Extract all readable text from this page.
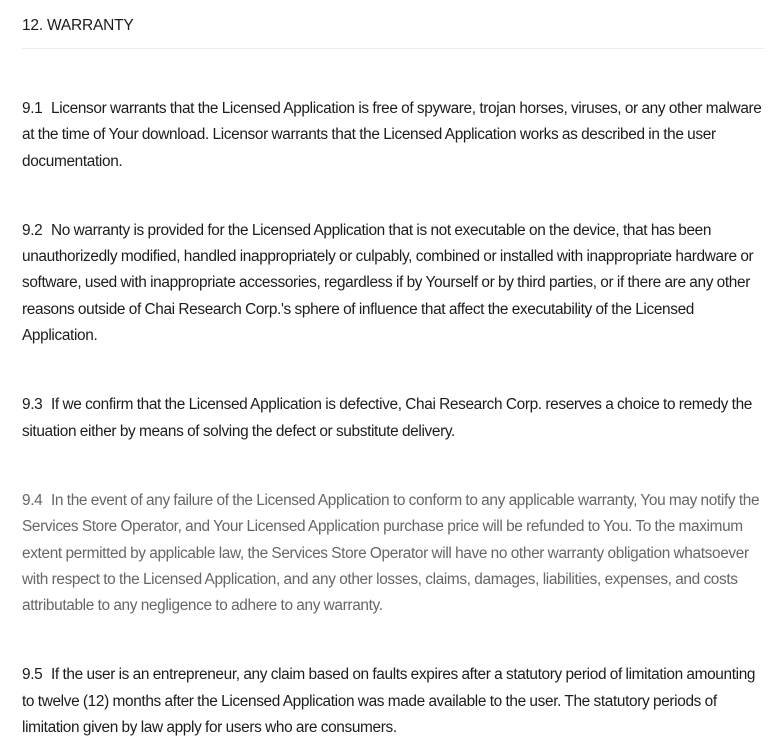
12. WARRANTY

9.1 Licensor warrants that the Licensed Application is free of spyware, trojan horses, viruses, or any other malware at the time of Your download. Licensor warrants that the Licensed Application works as described in the user documentation.

9.2 No warranty is provided for the Licensed Application that is not executable on the device, that has been unauthorizedly modified, handled inappropriately or culpably, combined or installed with inappropriate hardware or software, used with inappropriate accessories, regardless if by Yourself or by third parties, or if there are any other reasons outside of Chai Research Corp.'s sphere of influence that affect the executability of the Licensed Application.

9.3 If we confirm that the Licensed Application is defective, Chai Research Corp. reserves a choice to remedy the situation either by means of solving the defect or substitute delivery.

9.4 In the event of any failure of the Licensed Application to conform to any applicable warranty, You may notify the Services Store Operator, and Your Licensed Application purchase price will be refunded to You. To the maximum extent permitted by applicable law, the Services Store Operator will have no other warranty obligation whatsoever with respect to the Licensed Application, and any other losses, claims, damages, liabilities, expenses, and costs attributable to any negligence to adhere to any warranty.

9.5 If the user is an entrepreneur, any claim based on faults expires after a statutory period of limitation amounting to twelve (12) months after the Licensed Application was made available to the user. The statutory periods of limitation given by law apply for users who are consumers.
